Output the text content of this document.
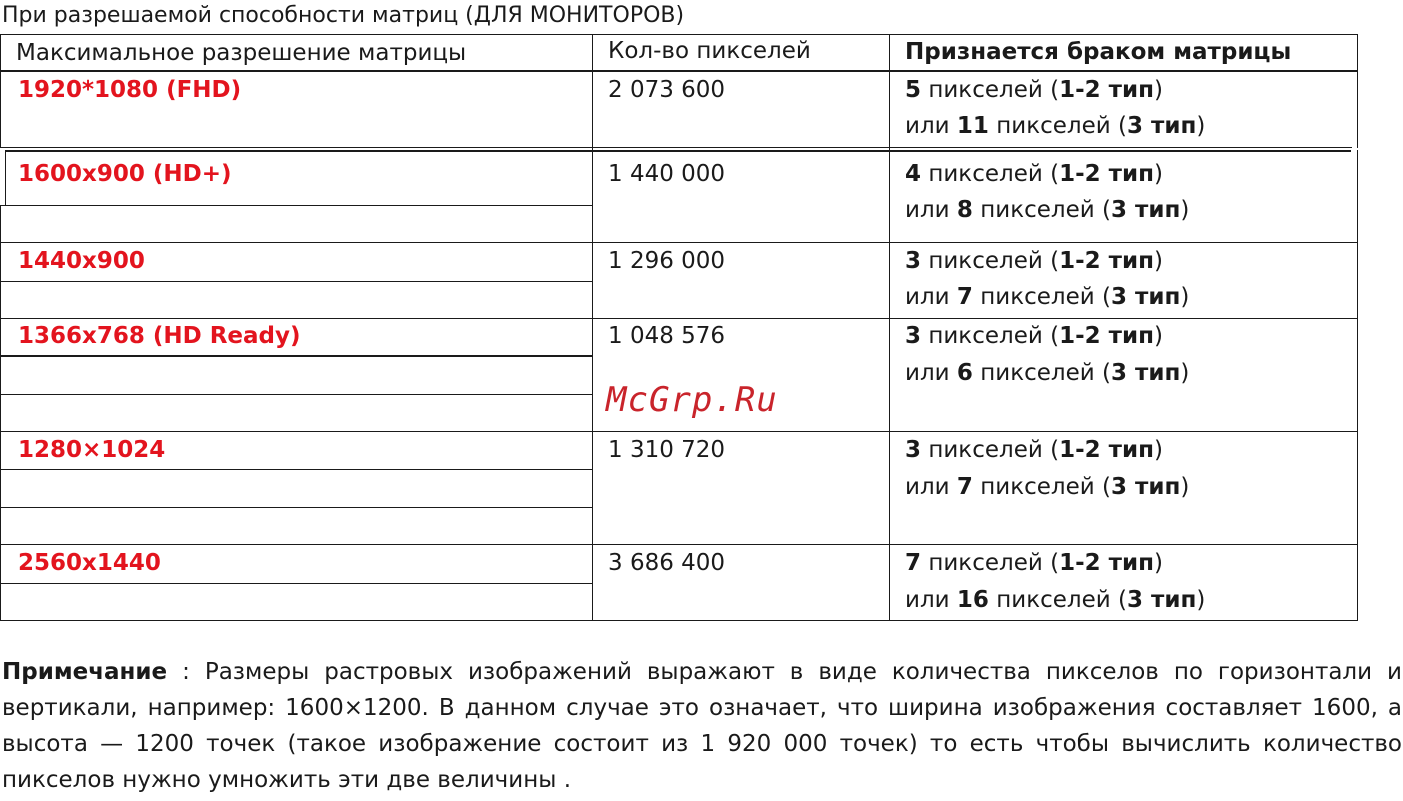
При разрешаемой способности матриц (ДЛЯ МОНИТОРОВ)
Максимальное разрешение матрицы	Кол-во пикселей	Признается браком матрицы
1920*1080 (FHD)	2 073 600	5 пикселей (1-2 тип)
или 11 пикселей (3 тип)
1600x900 (HD+)	1 440 000	4 пикселей (1-2 тип)
или 8 пикселей (3 тип)
1440x900	1 296 000	3 пикселей (1-2 тип)
или 7 пикселей (3 тип)
1366x768 (HD Ready)	1 048 576	3 пикселей (1-2 тип)
или 6 пикселей (3 тип)
1280×1024	1 310 720	3 пикселей (1-2 тип)
или 7 пикселей (3 тип)
2560x1440	3 686 400	7 пикселей (1-2 тип)
или 16 пикселей (3 тип)
McGrp.Ru
Примечание : Размеры растровых изображений выражают в виде количества пикселов по горизонтали и вертикали, например: 1600×1200. В данном случае это означает, что ширина изображения составляет 1600, а высота — 1200 точек (такое изображение состоит из 1 920 000 точек) то есть чтобы вычислить количество пикселов нужно умножить эти две величины .
